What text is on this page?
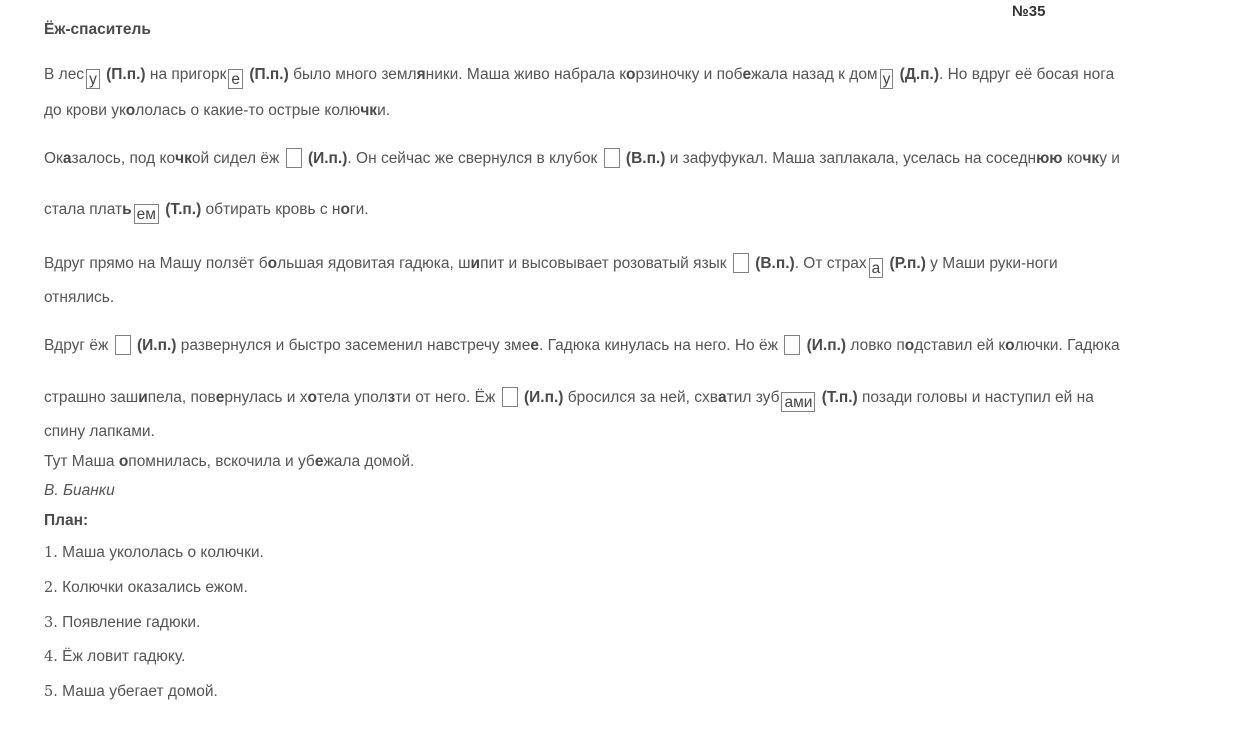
№35
Ёж-спаситель
В лес у (П.п.) на пригорк е (П.п.) было много земляники. Маша живо набрала корзиночку и побежала назад к дом у (Д.п.). Но вдруг её босая нога
до крови укололась о какие-то острые колючки.
Оказалось, под кочкой сидел ёж (И.п.). Он сейчас же свернулся в клубок (В.п.) и зафуфукал. Маша заплакала, уселась на соседнюю кочку и
стала плать ем (Т.п.) обтирать кровь с ноги.
Вдруг прямо на Машу ползёт большая ядовитая гадюка, шипит и высовывает розоватый язык (В.п.). От страх а (Р.п.) у Маши руки-ноги
отнялись.
Вдруг ёж (И.п.) развернулся и быстро засеменил навстречу змее. Гадюка кинулась на него. Но ёж (И.п.) ловко подставил ей колючки. Гадюка
страшно зашипела, повернулась и хотела уползти от него. Ёж (И.п.) бросился за ней, схватил зуб ами (Т.п.) позади головы и наступил ей на
спину лапками.
Тут Маша опомнилась, вскочила и убежала домой.
В. Бианки
План:
1. Маша укололась о колючки.
2. Колючки оказались ежом.
3. Появление гадюки.
4. Ёж ловит гадюку.
5. Маша убегает домой.
